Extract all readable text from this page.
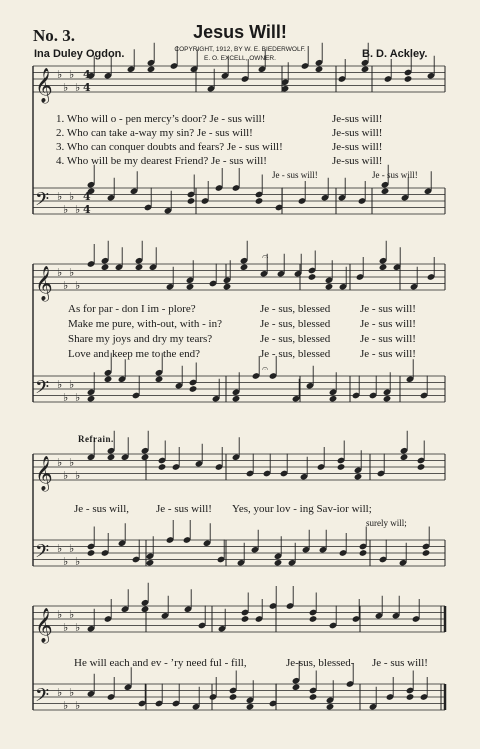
No. 3.	Jesus Will!
Ina Duley Ogdon.	B. D. Ackley.
COPYRIGHT, 1912, BY W. E. BIEDERWOLF.
E. O. EXCELL, OWNER.
𝄞 ♭
♭
♭
♭
𝄢 ♭
♭
♭
♭
𝄞 ♭
♭
♭
♭
𝄐
𝄢 ♭
♭
♭
♭
𝄐
𝄞 ♭
♭
♭
♭
𝄢 ♭
♭
♭
♭
𝄞 ♭
♭
♭
♭
𝄢 ♭
♭
♭
♭
4
4
4
4
1. Who will o - pen mercy’s door? Je - sus will!	Je-sus will!
2. Who can take a-way my sin? Je - sus will!	Je-sus will!
3. Who can conquer doubts and fears? Je - sus will!	Je-sus will!
4. Who will be my dearest Friend? Je - sus will!	Je-sus will!
Je - sus will!	Je - sus will!
As for par - don I im - plore?	Je - sus, blessed	Je - sus will!
Make me pure, with-out, with - in?	Je - sus, blessed	Je - sus will!
Share my joys and dry my tears?	Je - sus, blessed	Je - sus will!
Love and keep me to the end?	Je - sus, blessed	Je - sus will!
Refrain.
Je - sus will, Je - sus will! Yes, your lov - ing Sav-ior will;
surely will;
He will each and ev - ’ry need ful - fill,	Je-sus, blessed- Je - sus will!
